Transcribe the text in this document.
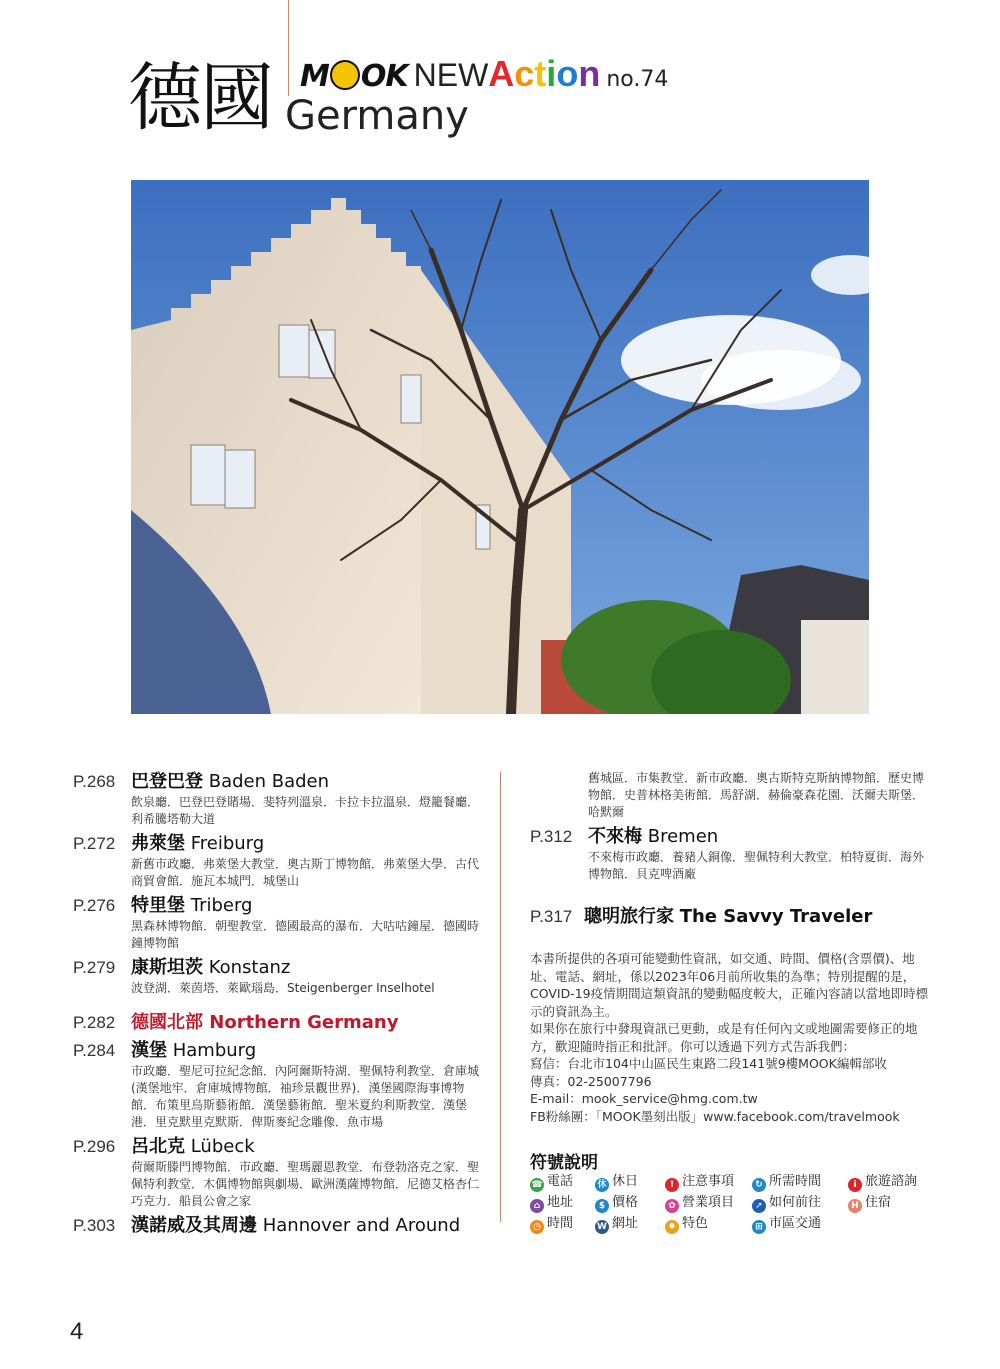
德國 Germany
M OK NEWAction no.74
P.268 巴登巴登 Baden Baden
飲泉廳．巴登巴登賭場．斐特列溫泉．卡拉卡拉溫泉．燈籠餐廳．利希騰塔勒大道
P.272 弗萊堡 Freiburg
新舊市政廳．弗萊堡大教堂．奧古斯丁博物館．弗萊堡大學．古代商貿會館．施瓦本城門．城堡山
P.276 特里堡 Triberg
黑森林博物館．朝聖教堂．德國最高的瀑布．大咕咕鐘屋．德國時鐘博物館
P.279 康斯坦茨 Konstanz
波登湖．萊茵塔．萊歐瑙島．Steigenberger Inselhotel
P.282 德國北部 Northern Germany
P.284 漢堡 Hamburg
市政廳．聖尼可拉紀念館．內阿爾斯特湖．聖佩特利教堂．倉庫城(漢堡地牢．倉庫城博物館．袖珍景觀世界)．漢堡國際海事博物館．布策里烏斯藝術館．漢堡藝術館．聖米夏約利斯教堂．漢堡港．里克默里克默斯．俾斯麥紀念雕像．魚市場
P.296 呂北克 Lübeck
荷爾斯滕門博物館．市政廳．聖瑪麗恩教堂．布登勃洛克之家．聖佩特利教堂．木偶博物館與劇場．歐洲漢薩博物館．尼德艾格杏仁巧克力．船員公會之家
P.303 漢諾威及其周邊 Hannover and Around
舊城區．市集教堂．新市政廳．奧古斯特克斯納博物館．歷史博物館．史普林格美術館．馬舒湖．赫倫豪森花園．沃爾夫斯堡．哈默爾
P.312 不來梅 Bremen
不來梅市政廳．養豬人銅像．聖佩特利大教堂．柏特夏街．海外博物館．貝克啤酒廠
P.317 聰明旅行家 The Savvy Traveler

本書所提供的各項可能變動性資訊，如交通、時間、價格(含票價)、地址、電話、網址，係以2023年06月前所收集的為準；特別提醒的是，COVID-19疫情期間這類資訊的變動幅度較大，正確內容請以當地即時標示的資訊為主。

如果你在旅行中發現資訊已更動，或是有任何內文或地圖需要修正的地方，歡迎隨時指正和批評。你可以透過下列方式告訴我們：

寫信：台北市104中山區民生東路二段141號9樓MOOK編輯部收

傳真：02-25007796

E-mail：mook_service@hmg.com.tw

FB粉絲團：「MOOK墨刻出版」www.facebook.com/travelmook

符號說明
☎ 電話	休 休日	! 注意事項	↻ 所需時間	i 旅遊諮詢
⌂ 地址	$ 價格	✿ 營業項目	➚ 如何前往	H 住宿
◷ 時間	W 網址	✸ 特色	⊞ 市區交通
4
